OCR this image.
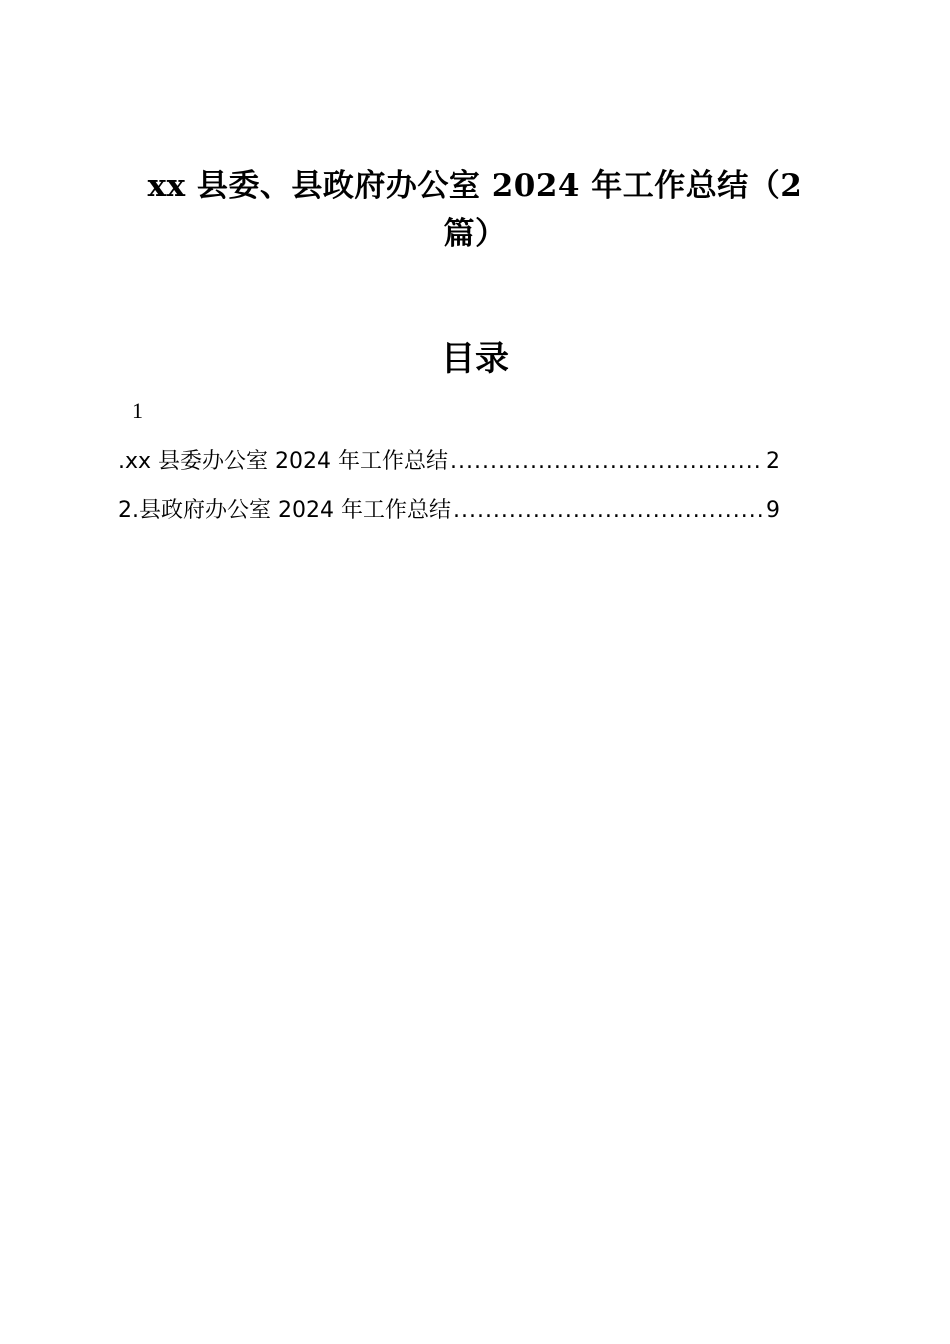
xx 县委、县政府办公室 2024 年工作总结（2
篇）
目录
1
.xx 县委办公室 2024 年工作总结 .....	2
2.县政府办公室 2024 年工作总结 .....	9
